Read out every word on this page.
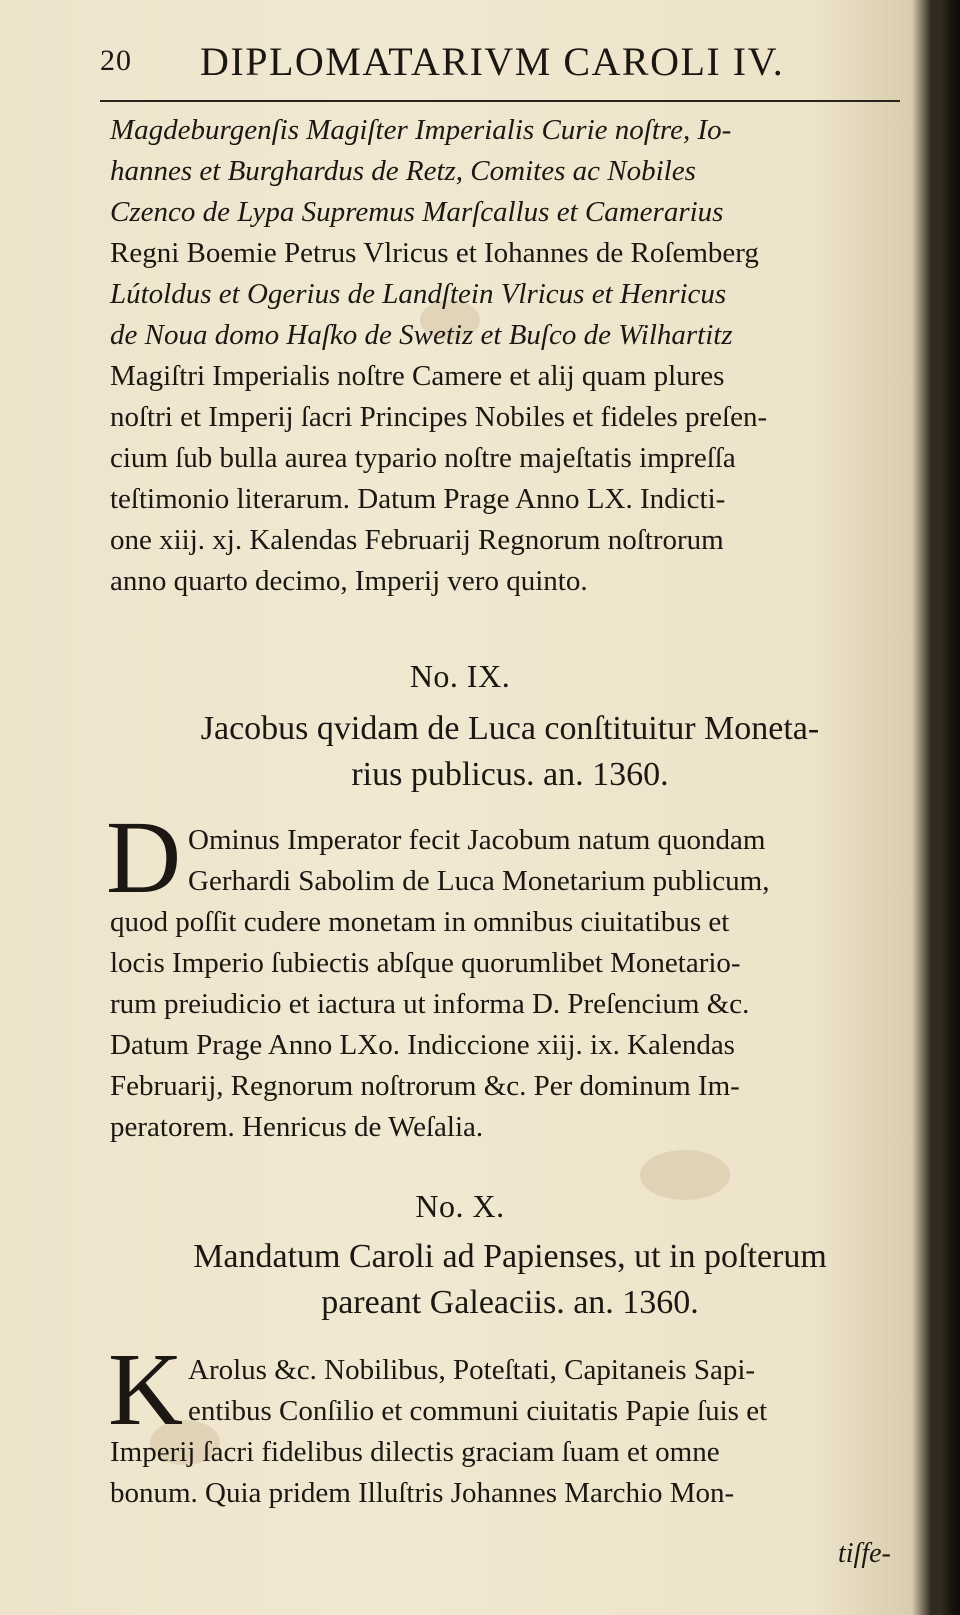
20 DIPLOMATARIVM CAROLI IV.
Magdeburgenſis Magiſter Imperialis Curie noſtre, Io-
hannes et Burghardus de Retz, Comites ac Nobiles
Czenco de Lypa Supremus Marſcallus et Camerarius
Regni Boemie Petrus Vlricus et Iohannes de Roſemberg
Lútoldus et Ogerius de Landſtein Vlricus et Henricus
de Noua domo Haſko de Swetiz et Buſco de Wilhartitz
Magiſtri Imperialis noſtre Camere et alij quam plures
noſtri et Imperij ſacri Principes Nobiles et fideles preſen-
cium ſub bulla aurea typario noſtre majeſtatis impreſſa
teſtimonio literarum. Datum Prage Anno LX. Indicti-
one xiij. xj. Kalendas Februarij Regnorum noſtrorum
anno quarto decimo, Imperij vero quinto.
No. IX.
Jacobus qvidam de Luca conſtituitur Moneta-
rius publicus. an. 1360.
D Ominus Imperator fecit Jacobum natum quondam
Gerhardi Sabolim de Luca Monetarium publicum,
quod poſſit cudere monetam in omnibus ciuitatibus et
locis Imperio ſubiectis abſque quorumlibet Monetario-
rum preiudicio et iactura ut informa D. Preſencium &c.
Datum Prage Anno LXo. Indiccione xiij. ix. Kalendas
Februarij, Regnorum noſtrorum &c. Per dominum Im-
peratorem. Henricus de Weſalia.
No. X.
Mandatum Caroli ad Papienses, ut in poſterum
pareant Galeaciis. an. 1360.
K Arolus &c. Nobilibus, Poteſtati, Capitaneis Sapi-
entibus Conſilio et communi ciuitatis Papie ſuis et
Imperij ſacri fidelibus dilectis graciam ſuam et omne
bonum. Quia pridem Illuſtris Johannes Marchio Mon-
tiſfe-
